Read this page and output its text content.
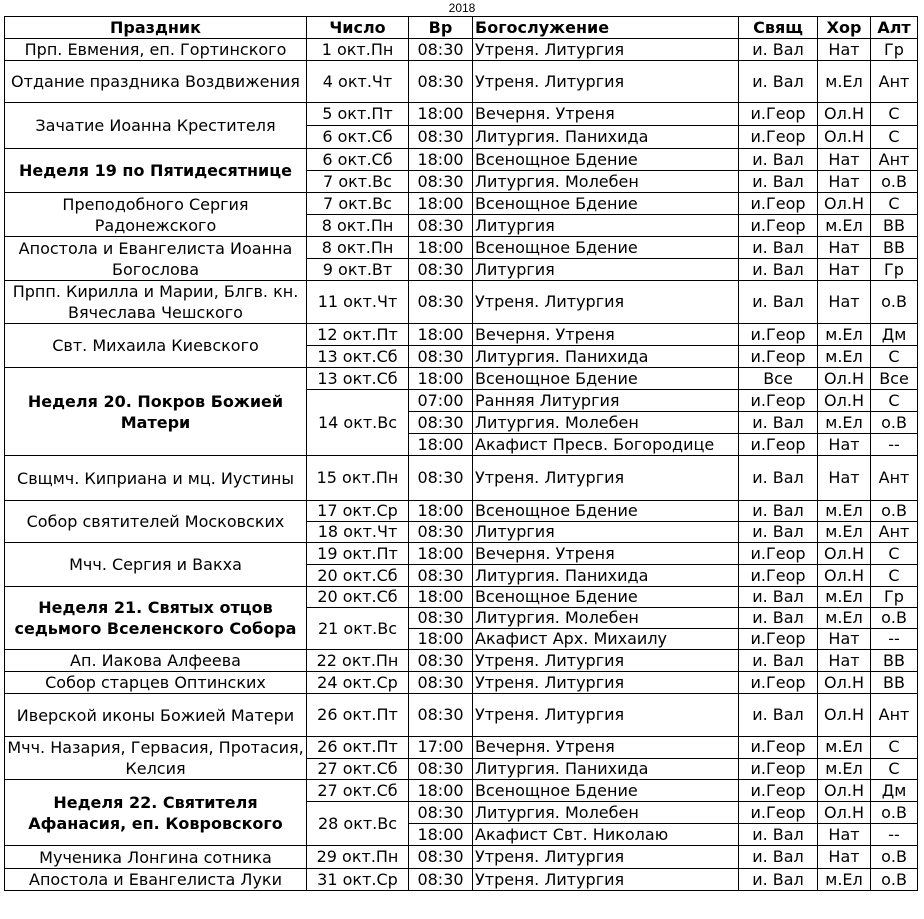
2018
Праздник	Число	Вр	Богослужение	Свящ	Хор	Алт
Прп. Евмения, еп. Гортинского	1 окт.Пн	08:30	Утреня. Литургия	и. Вал	Нат	Гр
Отдание праздника Воздвижения	4 окт.Чт	08:30	Утреня. Литургия	и. Вал	м.Ел	Ант
Зачатие Иоанна Крестителя	5 окт.Пт	18:00	Вечерня. Утреня	и.Геор	Ол.Н	С
	6 окт.Сб	08:30	Литургия. Панихида	и.Геор	Ол.Н	С
Неделя 19 по Пятидесятнице	6 окт.Сб	18:00	Всенощное Бдение	и. Вал	Нат	Ант
	7 окт.Вс	08:30	Литургия. Молебен	и. Вал	Нат	о.В
Преподобного Сергия Радонежского	7 окт.Вс	18:00	Всенощное Бдение	и.Геор	Ол.Н	С
	8 окт.Пн	08:30	Литургия	и.Геор	м.Ел	ВВ
Апостола и Евангелиста Иоанна Богослова	8 окт.Пн	18:00	Всенощное Бдение	и. Вал	Нат	ВВ
	9 окт.Вт	08:30	Литургия	и. Вал	Нат	Гр
Прпп. Кирилла и Марии, Блгв. кн. Вячеслава Чешского	11 окт.Чт	08:30	Утреня. Литургия	и. Вал	Нат	о.В
Свт. Михаила Киевского	12 окт.Пт	18:00	Вечерня. Утреня	и.Геор	м.Ел	Дм
	13 окт.Сб	08:30	Литургия. Панихида	и.Геор	м.Ел	С
Неделя 20. Покров Божией Матери	13 окт.Сб	18:00	Всенощное Бдение	Все	Ол.Н	Все
	14 окт.Вс	07:00	Ранняя Литургия	и.Геор	Ол.Н	С
		08:30	Литургия. Молебен	и. Вал	м.Ел	о.В
		18:00	Акафист Пресв. Богородице	и.Геор	Нат	--
Свщмч. Киприана и мц. Иустины	15 окт.Пн	08:30	Утреня. Литургия	и. Вал	Нат	Ант
Собор святителей Московских	17 окт.Ср	18:00	Всенощное Бдение	и. Вал	м.Ел	о.В
	18 окт.Чт	08:30	Литургия	и. Вал	м.Ел	Ант
Мчч. Сергия и Вакха	19 окт.Пт	18:00	Вечерня. Утреня	и.Геор	Ол.Н	С
	20 окт.Сб	08:30	Литургия. Панихида	и.Геор	Ол.Н	С
Неделя 21. Святых отцов седьмого Вселенского Собора	20 окт.Сб	18:00	Всенощное Бдение	и. Вал	м.Ел	Гр
	21 окт.Вс	08:30	Литургия. Молебен	и. Вал	м.Ел	о.В
		18:00	Акафист Арх. Михаилу	и.Геор	Нат	--
Ап. Иакова Алфеева	22 окт.Пн	08:30	Утреня. Литургия	и. Вал	Нат	ВВ
Собор старцев Оптинских	24 окт.Ср	08:30	Утреня. Литургия	и.Геор	Ол.Н	ВВ
Иверской иконы Божией Матери	26 окт.Пт	08:30	Утреня. Литургия	и. Вал	Ол.Н	Ант
Мчч. Назария, Гервасия, Протасия, Келсия	26 окт.Пт	17:00	Вечерня. Утреня	и.Геор	м.Ел	С
	27 окт.Сб	08:30	Литургия. Панихида	и.Геор	м.Ел	С
Неделя 22. Святителя Афанасия, еп. Ковровского	27 окт.Сб	18:00	Всенощное Бдение	и.Геор	Ол.Н	Дм
	28 окт.Вс	08:30	Литургия. Молебен	и.Геор	Ол.Н	о.В
		18:00	Акафист Свт. Николаю	и. Вал	Нат	--
Мученика Лонгина сотника	29 окт.Пн	08:30	Утреня. Литургия	и. Вал	Нат	о.В
Апостола и Евангелиста Луки	31 окт.Ср	08:30	Утреня. Литургия	и. Вал	м.Ел	о.В
